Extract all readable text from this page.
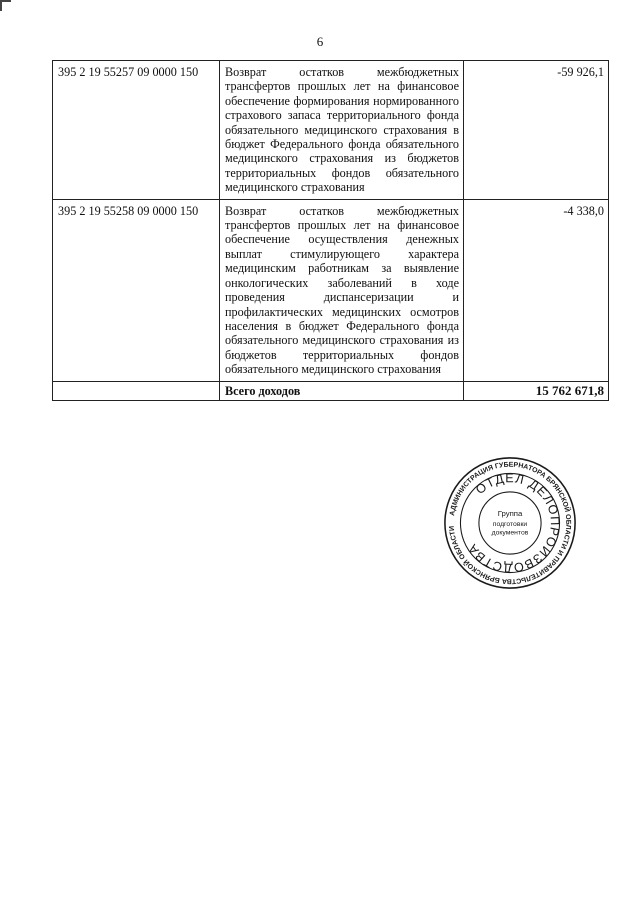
6
395 2 19 55257 09 0000 150	Возврат остатков межбюджетных трансфертов прошлых лет на финансовое обеспечение формирования нормированного страхового запаса территориального фонда обязательного медицинского страхования в бюджет Федерального фонда обязательного медицинского страхования из бюджетов территориальных фондов обязательного медицинского страхования	-59 926,1
395 2 19 55258 09 0000 150	Возврат остатков межбюджетных трансфертов прошлых лет на финансовое обеспечение осуществления денежных выплат стимулирующего характера медицинским работникам за выявление онкологических заболеваний в ходе проведения диспансеризации и профилактических медицинских осмотров населения в бюджет Федерального фонда обязательного медицинского страхования из бюджетов территориальных фондов обязательного медицинского страхования	-4 338,0
	Всего доходов	15 762 671,8
АДМИНИСТРАЦИЯ ГУБЕРНАТОРА БРЯНСКОЙ ОБЛАСТИ И ПРАВИТЕЛЬСТВА БРЯНСКОЙ ОБЛАСТИ
ОТДЕЛ ДЕЛОПРОИЗВОДСТВА
Группа
подготовки
документов
